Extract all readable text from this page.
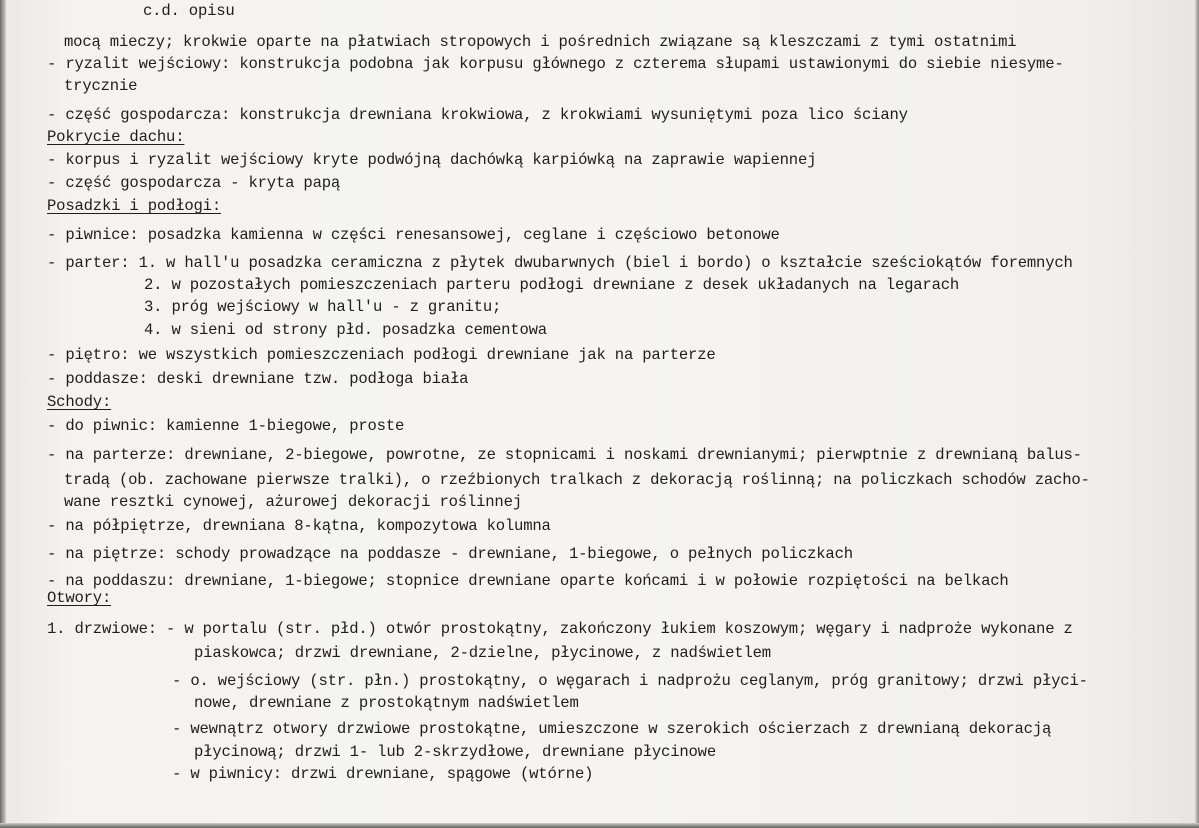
c.d. opisu
mocą mieczy; krokwie oparte na płatwiach stropowych i pośrednich związane są kleszczami z tymi ostatnimi
- ryzalit wejściowy: konstrukcja podobna jak korpusu głównego z czterema słupami ustawionymi do siebie niesyme-
trycznie
- część gospodarcza: konstrukcja drewniana krokwiowa, z krokwiami wysuniętymi poza lico ściany
Pokrycie dachu:
- korpus i ryzalit wejściowy kryte podwójną dachówką karpiówką na zaprawie wapiennej
- część gospodarcza - kryta papą
Posadzki i podłogi:
- piwnice: posadzka kamienna w części renesansowej, ceglane i częściowo betonowe
- parter: 1. w hall'u posadzka ceramiczna z płytek dwubarwnych (biel i bordo) o kształcie sześciokątów foremnych
2. w pozostałych pomieszczeniach parteru podłogi drewniane z desek układanych na legarach
3. próg wejściowy w hall'u - z granitu;
4. w sieni od strony płd. posadzka cementowa
- piętro: we wszystkich pomieszczeniach podłogi drewniane jak na parterze
- poddasze: deski drewniane tzw. podłoga biała
Schody:
- do piwnic: kamienne 1-biegowe, proste
- na parterze: drewniane, 2-biegowe, powrotne, ze stopnicami i noskami drewnianymi; pierwptnie z drewnianą balus-
tradą (ob. zachowane pierwsze tralki), o rzeźbionych tralkach z dekoracją roślinną; na policzkach schodów zacho-
wane resztki cynowej, ażurowej dekoracji roślinnej
- na półpiętrze, drewniana 8-kątna, kompozytowa kolumna
- na piętrze: schody prowadzące na poddasze - drewniane, 1-biegowe, o pełnych policzkach
- na poddaszu: drewniane, 1-biegowe; stopnice drewniane oparte końcami i w połowie rozpiętości na belkach
Otwory:
1. drzwiowe: - w portalu (str. płd.) otwór prostokątny, zakończony łukiem koszowym; węgary i nadproże wykonane z
piaskowca; drzwi drewniane, 2-dzielne, płycinowe, z nadświetlem
- o. wejściowy (str. płn.) prostokątny, o węgarach i nadprożu ceglanym, próg granitowy; drzwi płyci-
nowe, drewniane z prostokątnym nadświetlem
- wewnątrz otwory drzwiowe prostokątne, umieszczone w szerokich ościerzach z drewnianą dekoracją
płycinową; drzwi 1- lub 2-skrzydłowe, drewniane płycinowe
- w piwnicy: drzwi drewniane, spągowe (wtórne)
